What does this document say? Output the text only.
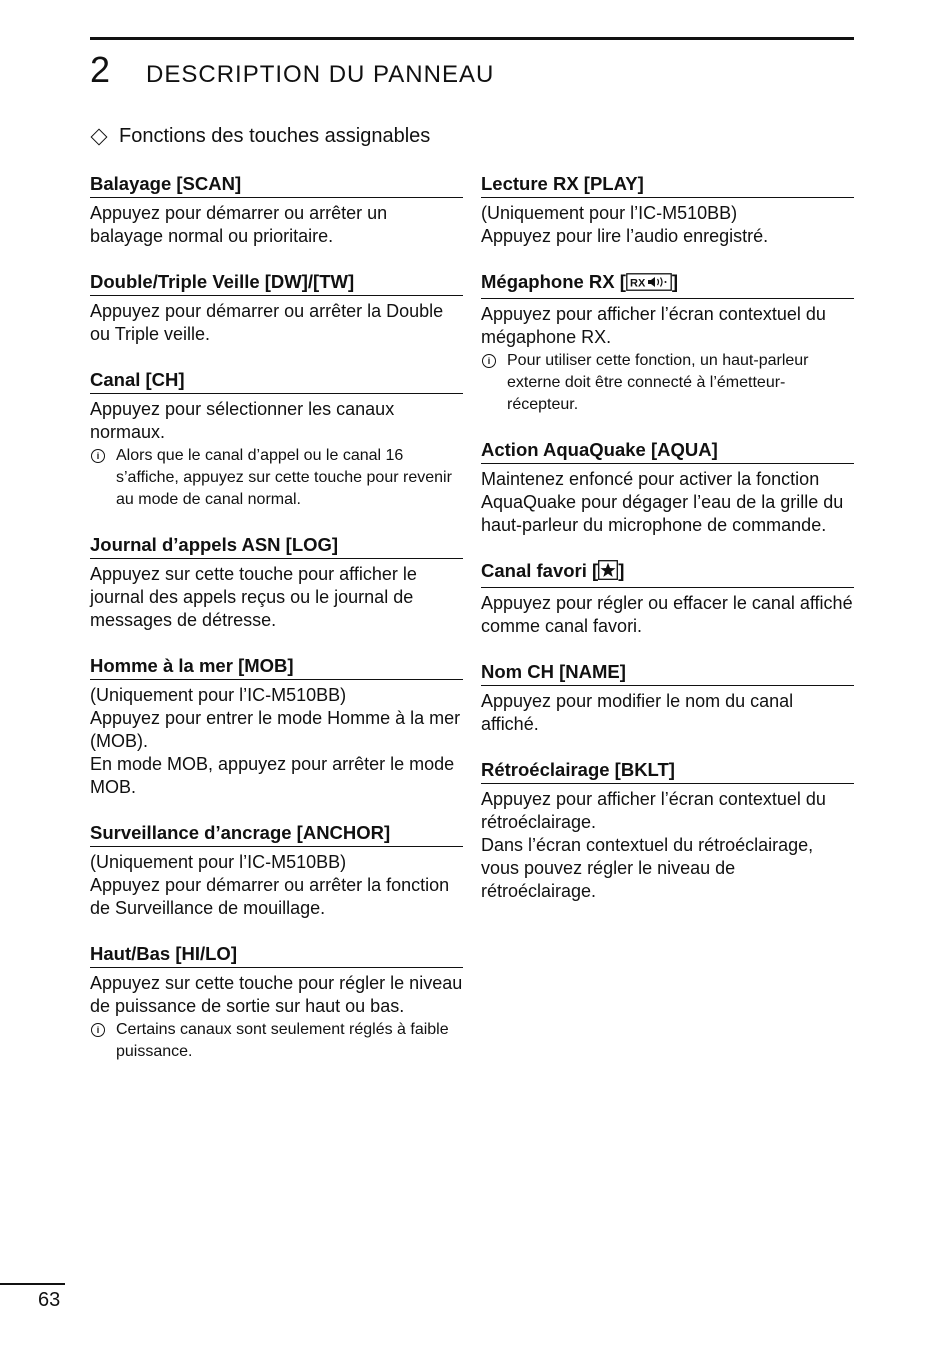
2 DESCRIPTION DU PANNEAU
Fonctions des touches assignables
Balayage [SCAN]

Appuyez pour démarrer ou arrêter un balayage normal ou prioritaire.

Double/Triple Veille [DW]/[TW]

Appuyez pour démarrer ou arrêter la Double ou Triple veille.

Canal [CH]

Appuyez pour sélectionner les canaux normaux.

i	Alors que le canal d’appel ou le canal 16 s’affiche, appuyez sur cette touche pour revenir au mode de canal normal.
Journal d’appels ASN [LOG]

Appuyez sur cette touche pour afficher le journal des appels reçus ou le journal de messages de détresse.

Homme à la mer [MOB]

(Uniquement pour l’IC-M510BB)

Appuyez pour entrer le mode Homme à la mer (MOB).

En mode MOB, appuyez pour arrêter le mode MOB.

Surveillance d’ancrage [ANCHOR]

(Uniquement pour l’IC-M510BB)

Appuyez pour démarrer ou arrêter la fonction de Surveillance de mouillage.

Haut/Bas [HI/LO]

Appuyez sur cette touche pour régler le niveau de puissance de sortie sur haut ou bas.

i	Certains canaux sont seulement réglés à faible puissance.
Lecture RX [PLAY]

(Uniquement pour l’IC-M510BB)

Appuyez pour lire l’audio enregistré.

Mégaphone RX [ RX ]

Appuyez pour afficher l’écran contextuel du mégaphone RX.

i	Pour utiliser cette fonction, un haut-parleur externe doit être connecté à l’émetteur-récepteur.
Action AquaQuake [AQUA]

Maintenez enfoncé pour activer la fonction AquaQuake pour dégager l’eau de la grille du haut-parleur du microphone de commande.

Canal favori [ ]

Appuyez pour régler ou effacer le canal affiché comme canal favori.

Nom CH [NAME]

Appuyez pour modifier le nom du canal affiché.

Rétroéclairage [BKLT]

Appuyez pour afficher l’écran contextuel du rétroéclairage.

Dans l’écran contextuel du rétroéclairage, vous pouvez régler le niveau de rétroéclairage.

63
